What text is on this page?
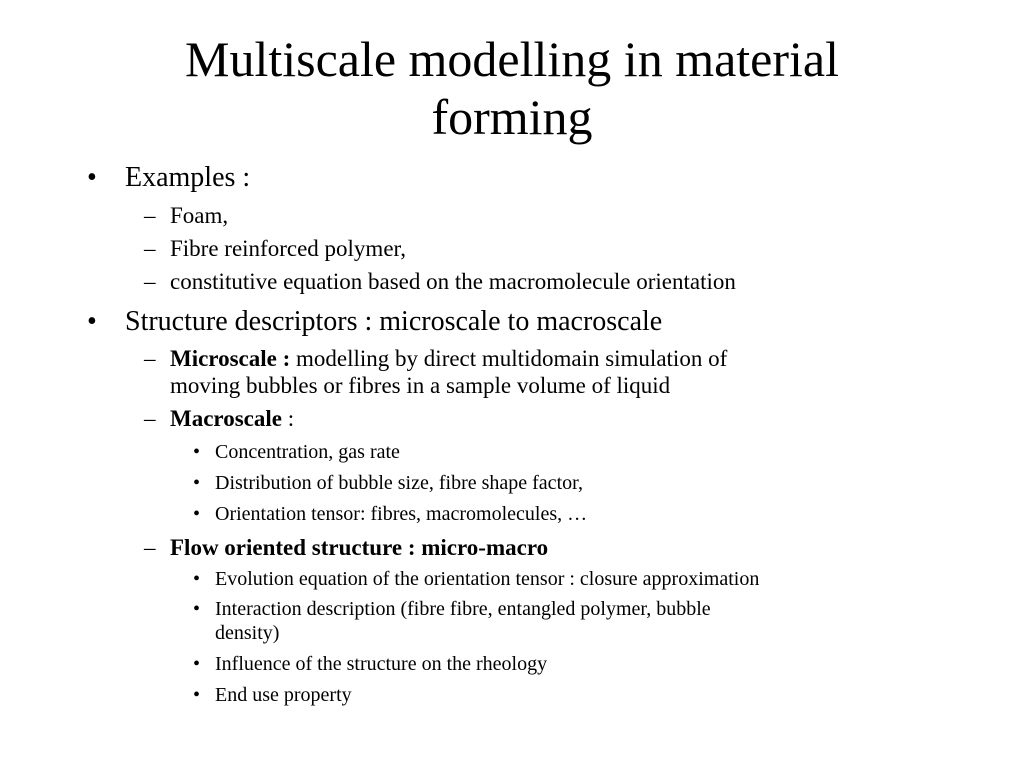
Multiscale modelling in material forming
• Examples :
– Foam,
– Fibre reinforced polymer,
– constitutive equation based on the macromolecule orientation
• Structure descriptors : microscale to macroscale
– Microscale : modelling by direct multidomain simulation of
moving bubbles or fibres in a sample volume of liquid
– Macroscale :
• Concentration, gas rate
• Distribution of bubble size, fibre shape factor,
• Orientation tensor: fibres, macromolecules, …
– Flow oriented structure : micro-macro
• Evolution equation of the orientation tensor : closure approximation
• Interaction description (fibre fibre, entangled polymer, bubble
density)
• Influence of the structure on the rheology
• End use property
